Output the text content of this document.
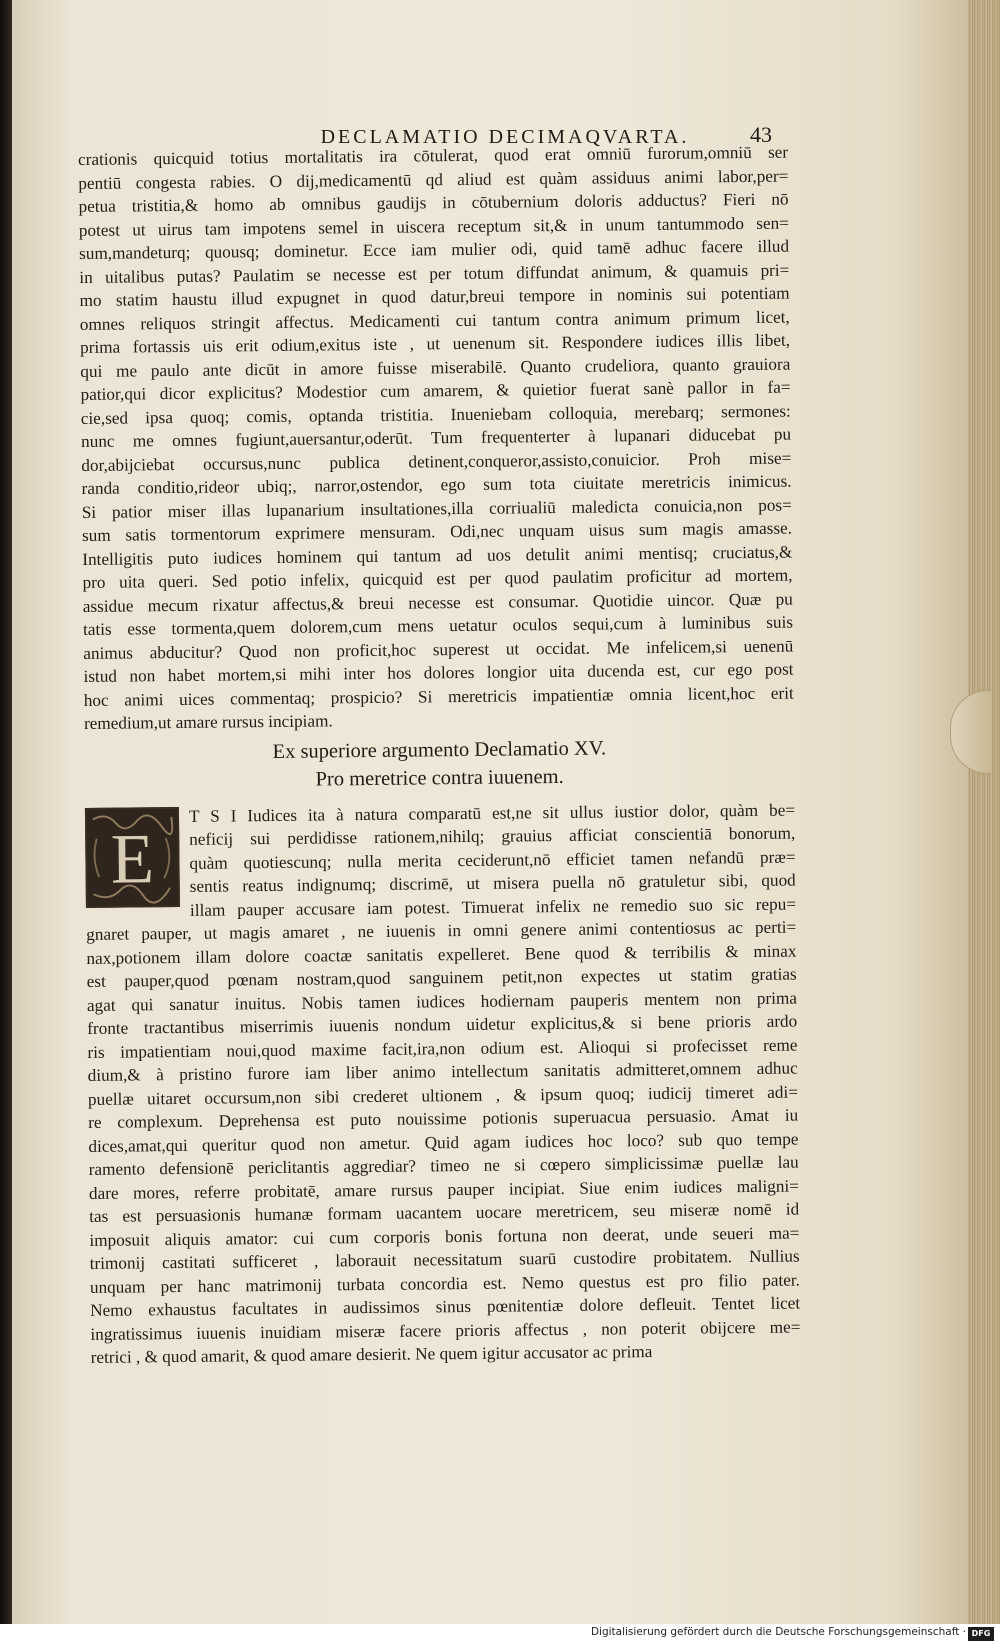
DECLAMATIO DECIMAQVARTA.	43
crationis quicquid totius mortalitatis ira cōtulerat, quod erat omniū furorum,omniū ser
pentiū congesta rabies. O dij,medicamentū qd aliud est quàm assiduus animi labor,per=
petua tristitia,& homo ab omnibus gaudijs in cōtubernium doloris adductus? Fieri nō
potest ut uirus tam impotens semel in uiscera receptum sit,& in unum tantummodo sen=
sum,mandeturq; quousq; dominetur. Ecce iam mulier odi, quid tamē adhuc facere illud
in uitalibus putas? Paulatim se necesse est per totum diffundat animum, & quamuis pri=
mo statim haustu illud expugnet in quod datur,breui tempore in nominis sui potentiam
omnes reliquos stringit affectus. Medicamenti cui tantum contra animum primum licet,
prima fortassis uis erit odium,exitus iste , ut uenenum sit. Respondere iudices illis libet,
qui me paulo ante dicūt in amore fuisse miserabilē. Quanto crudeliora, quanto grauiora
patior,qui dicor explicitus? Modestior cum amarem, & quietior fuerat sanè pallor in fa=
cie,sed ipsa quoq; comis, optanda tristitia. Inueniebam colloquia, merebarq; sermones:
nunc me omnes fugiunt,auersantur,oderūt. Tum frequenterter à lupanari diducebat pu
dor,abijciebat occursus,nunc publica detinent,conqueror,assisto,conuicior. Proh mise=
randa conditio,rideor ubiq;, narror,ostendor, ego sum tota ciuitate meretricis inimicus.
Si patior miser illas lupanarium insultationes,illa corriualiū maledicta conuicia,non pos=
sum satis tormentorum exprimere mensuram. Odi,nec unquam uisus sum magis amasse.
Intelligitis puto iudices hominem qui tantum ad uos detulit animi mentisq; cruciatus,&
pro uita queri. Sed potio infelix, quicquid est per quod paulatim proficitur ad mortem,
assidue mecum rixatur affectus,& breui necesse est consumar. Quotidie uincor. Quæ pu
tatis esse tormenta,quem dolorem,cum mens uetatur oculos sequi,cum à luminibus suis
animus abducitur? Quod non proficit,hoc superest ut occidat. Me infelicem,si uenenū
istud non habet mortem,si mihi inter hos dolores longior uita ducenda est, cur ego post
hoc animi uices commentaq; prospicio? Si meretricis impatientiæ omnia licent,hoc erit
remedium,ut amare rursus incipiam.
Ex superiore argumento Declamatio XV.
Pro meretrice contra iuuenem.
E
T S I Iudices ita à natura comparatū est,ne sit ullus iustior dolor, quàm be=
neficij sui perdidisse rationem,nihilq; grauius afficiat conscientiā bonorum,
quàm quotiescunq; nulla merita ceciderunt,nō efficiet tamen nefandū præ=
sentis reatus indignumq; discrimē, ut misera puella nō gratuletur sibi, quod
illam pauper accusare iam potest. Timuerat infelix ne remedio suo sic repu=
gnaret pauper, ut magis amaret , ne iuuenis in omni genere animi contentiosus ac perti=
nax,potionem illam dolore coactæ sanitatis expelleret. Bene quod & terribilis & minax
est pauper,quod pœnam nostram,quod sanguinem petit,non expectes ut statim gratias
agat qui sanatur inuitus. Nobis tamen iudices hodiernam pauperis mentem non prima
fronte tractantibus miserrimis iuuenis nondum uidetur explicitus,& si bene prioris ardo
ris impatientiam noui,quod maxime facit,ira,non odium est. Alioqui si profecisset reme
dium,& à pristino furore iam liber animo intellectum sanitatis admitteret,omnem adhuc
puellæ uitaret occursum,non sibi crederet ultionem , & ipsum quoq; iudicij timeret adi=
re complexum. Deprehensa est puto nouissime potionis superuacua persuasio. Amat iu
dices,amat,qui queritur quod non ametur. Quid agam iudices hoc loco? sub quo tempe
ramento defensionē periclitantis aggrediar? timeo ne si cœpero simplicissimæ puellæ lau
dare mores, referre probitatē, amare rursus pauper incipiat. Siue enim iudices maligni=
tas est persuasionis humanæ formam uacantem uocare meretricem, seu miseræ nomē id
imposuit aliquis amator: cui cum corporis bonis fortuna non deerat, unde seueri ma=
trimonij castitati sufficeret , laborauit necessitatum suarū custodire probitatem. Nullius
unquam per hanc matrimonij turbata concordia est. Nemo questus est pro filio pater.
Nemo exhaustus facultates in audissimos sinus pœnitentiæ dolore defleuit. Tentet licet
ingratissimus iuuenis inuidiam miseræ facere prioris affectus , non poterit obijcere me=
retrici , & quod amarit, & quod amare desierit. Ne quem igitur accusator ac prima
Digitalisierung gefördert durch die Deutsche Forschungsgemeinschaft · DFG
